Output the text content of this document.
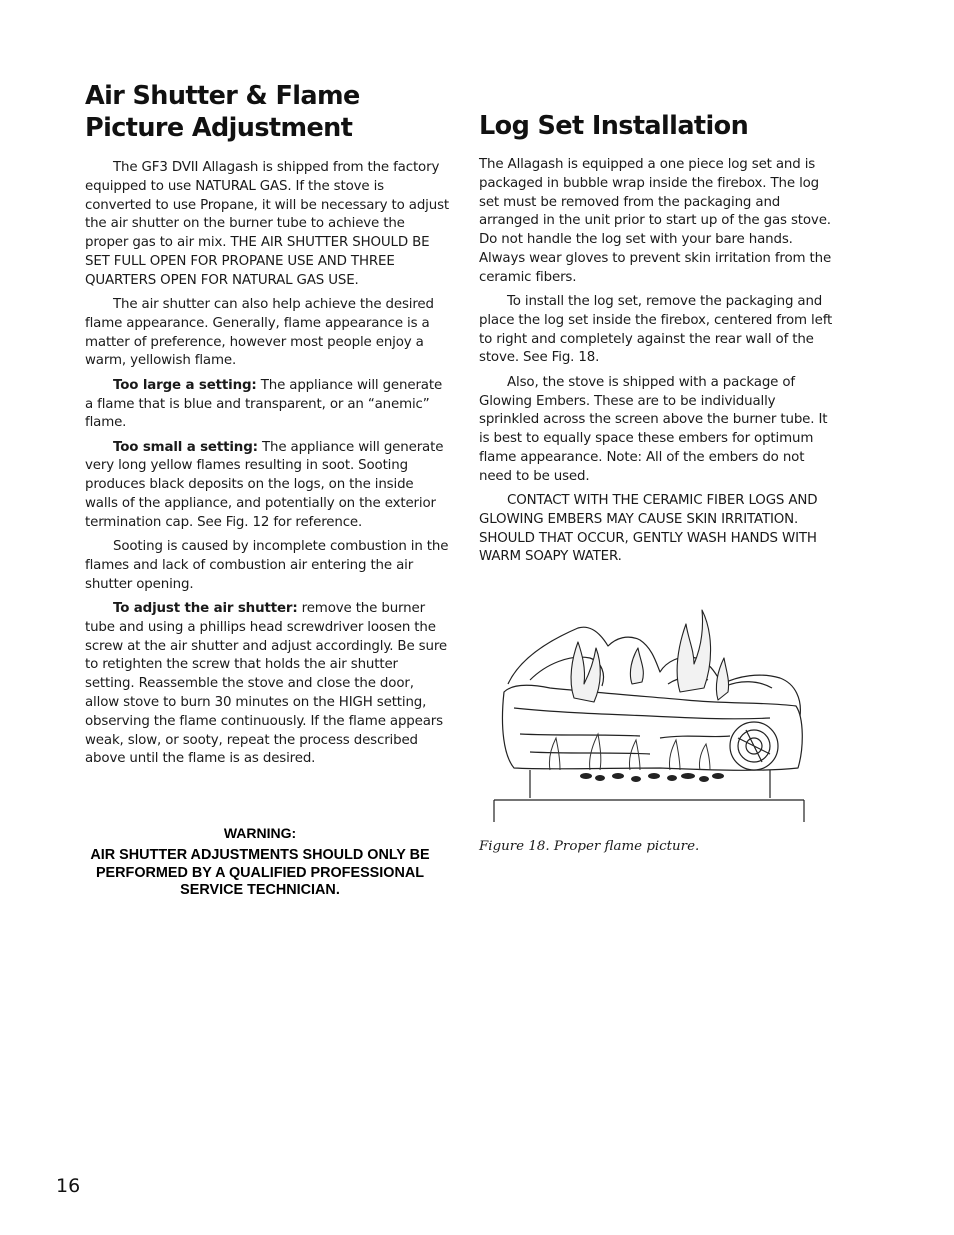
Air Shutter & Flame Picture Adjustment

The GF3 DVII Allagash is shipped from the factory equipped to use NATURAL GAS. If the stove is converted to use Propane, it will be necessary to adjust the air shutter on the burner tube to achieve the proper gas to air mix. THE AIR SHUTTER SHOULD BE SET FULL OPEN FOR PROPANE USE AND THREE QUARTERS OPEN FOR NATURAL GAS USE.

The air shutter can also help achieve the desired flame appearance. Generally, flame appearance is a matter of preference, however most people enjoy a warm, yellowish flame.

Too large a setting: The appliance will generate a flame that is blue and transparent, or an “anemic” flame.

Too small a setting: The appliance will generate very long yellow flames resulting in soot. Sooting produces black deposits on the logs, on the inside walls of the appliance, and potentially on the exterior termination cap. See Fig. 12 for reference.

Sooting is caused by incomplete combustion in the flames and lack of combustion air entering the air shutter opening.

To adjust the air shutter: remove the burner tube and using a phillips head screwdriver loosen the screw at the air shutter and adjust accordingly. Be sure to retighten the screw that holds the air shutter setting. Reassemble the stove and close the door, allow stove to burn 30 minutes on the HIGH setting, observing the flame continuously. If the flame appears weak, slow, or sooty, repeat the process described above until the flame is as desired.

WARNING:
AIR SHUTTER ADJUSTMENTS SHOULD ONLY BE PERFORMED BY A QUALIFIED PROFESSIONAL SERVICE TECHNICIAN.
Log Set Installation

The Allagash is equipped a one piece log set and is packaged in bubble wrap inside the firebox. The log set must be removed from the packaging and arranged in the unit prior to start up of the gas stove. Do not handle the log set with your bare hands. Always wear gloves to prevent skin irritation from the ceramic fibers.

To install the log set, remove the packaging and place the log set inside the firebox, centered from left to right and completely against the rear wall of the stove. See Fig. 18.

Also, the stove is shipped with a package of Glowing Embers. These are to be individually sprinkled across the screen above the burner tube. It is best to equally space these embers for optimum flame appearance. Note: All of the embers do not need to be used.

CONTACT WITH THE CERAMIC FIBER LOGS AND GLOWING EMBERS MAY CAUSE SKIN IRRITATION. SHOULD THAT OCCUR, GENTLY WASH HANDS WITH WARM SOAPY WATER.

Figure 18. Proper flame picture.
16
